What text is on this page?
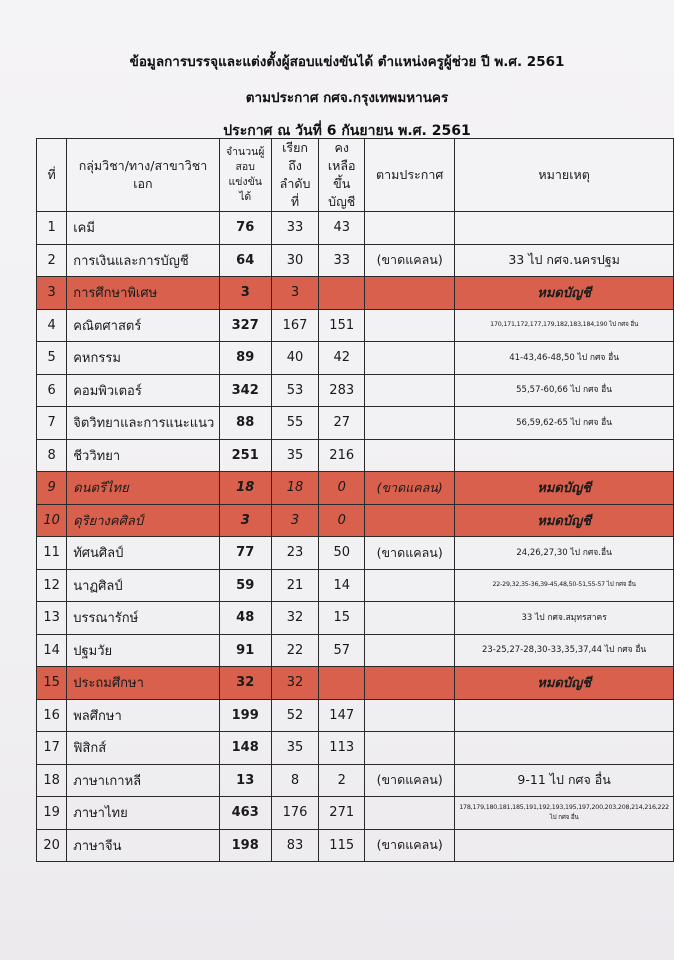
ข้อมูลการบรรจุและแต่งตั้งผู้สอบแข่งขันได้ ตำแหน่งครูผู้ช่วย ปี พ.ศ. 2561
ตามประกาศ กศจ.กรุงเทพมหานคร
ประกาศ ณ วันที่ 6 กันยายน พ.ศ. 2561
ที่	กลุ่มวิชา/ทาง/สาขาวิชาเอก	จำนวนผู้สอบแข่งขันได้	เรียกถึงลำดับที่	คงเหลือขึ้นบัญชี	ตามประกาศ	หมายเหตุ
1	เคมี	76	33	43		
2	การเงินและการบัญชี	64	30	33	(ขาดแคลน)	33 ไป กศจ.นครปฐม
3	การศึกษาพิเศษ	3	3			หมดบัญชี
4	คณิตศาสตร์	327	167	151		170,171,172,177,179,182,183,184,190 ไป กศจ อื่น
5	คหกรรม	89	40	42		41-43,46-48,50 ไป กศจ อื่น
6	คอมพิวเตอร์	342	53	283		55,57-60,66 ไป กศจ อื่น
7	จิตวิทยาและการแนะแนว	88	55	27		56,59,62-65 ไป กศจ อื่น
8	ชีววิทยา	251	35	216		
9	ดนตรีไทย	18	18	0	(ขาดแคลน)	หมดบัญชี
10	ดุริยางคศิลป์	3	3	0		หมดบัญชี
11	ทัศนศิลป์	77	23	50	(ขาดแคลน)	24,26,27,30 ไป กศจ.อื่น
12	นาฏศิลป์	59	21	14		22-29,32,35-36,39-45,48,50-51,55-57 ไป กศจ อื่น
13	บรรณารักษ์	48	32	15		33 ไป กศจ.สมุทรสาคร
14	ปฐมวัย	91	22	57		23-25,27-28,30-33,35,37,44 ไป กศจ อื่น
15	ประถมศึกษา	32	32			หมดบัญชี
16	พลศึกษา	199	52	147		
17	ฟิสิกส์	148	35	113		
18	ภาษาเกาหลี	13	8	2	(ขาดแคลน)	9-11 ไป กศจ อื่น
19	ภาษาไทย	463	176	271		178,179,180,181,185,191,192,193,195,197,200,203,208,214,216,222 ไป กศจ อื่น
20	ภาษาจีน	198	83	115	(ขาดแคลน)	
